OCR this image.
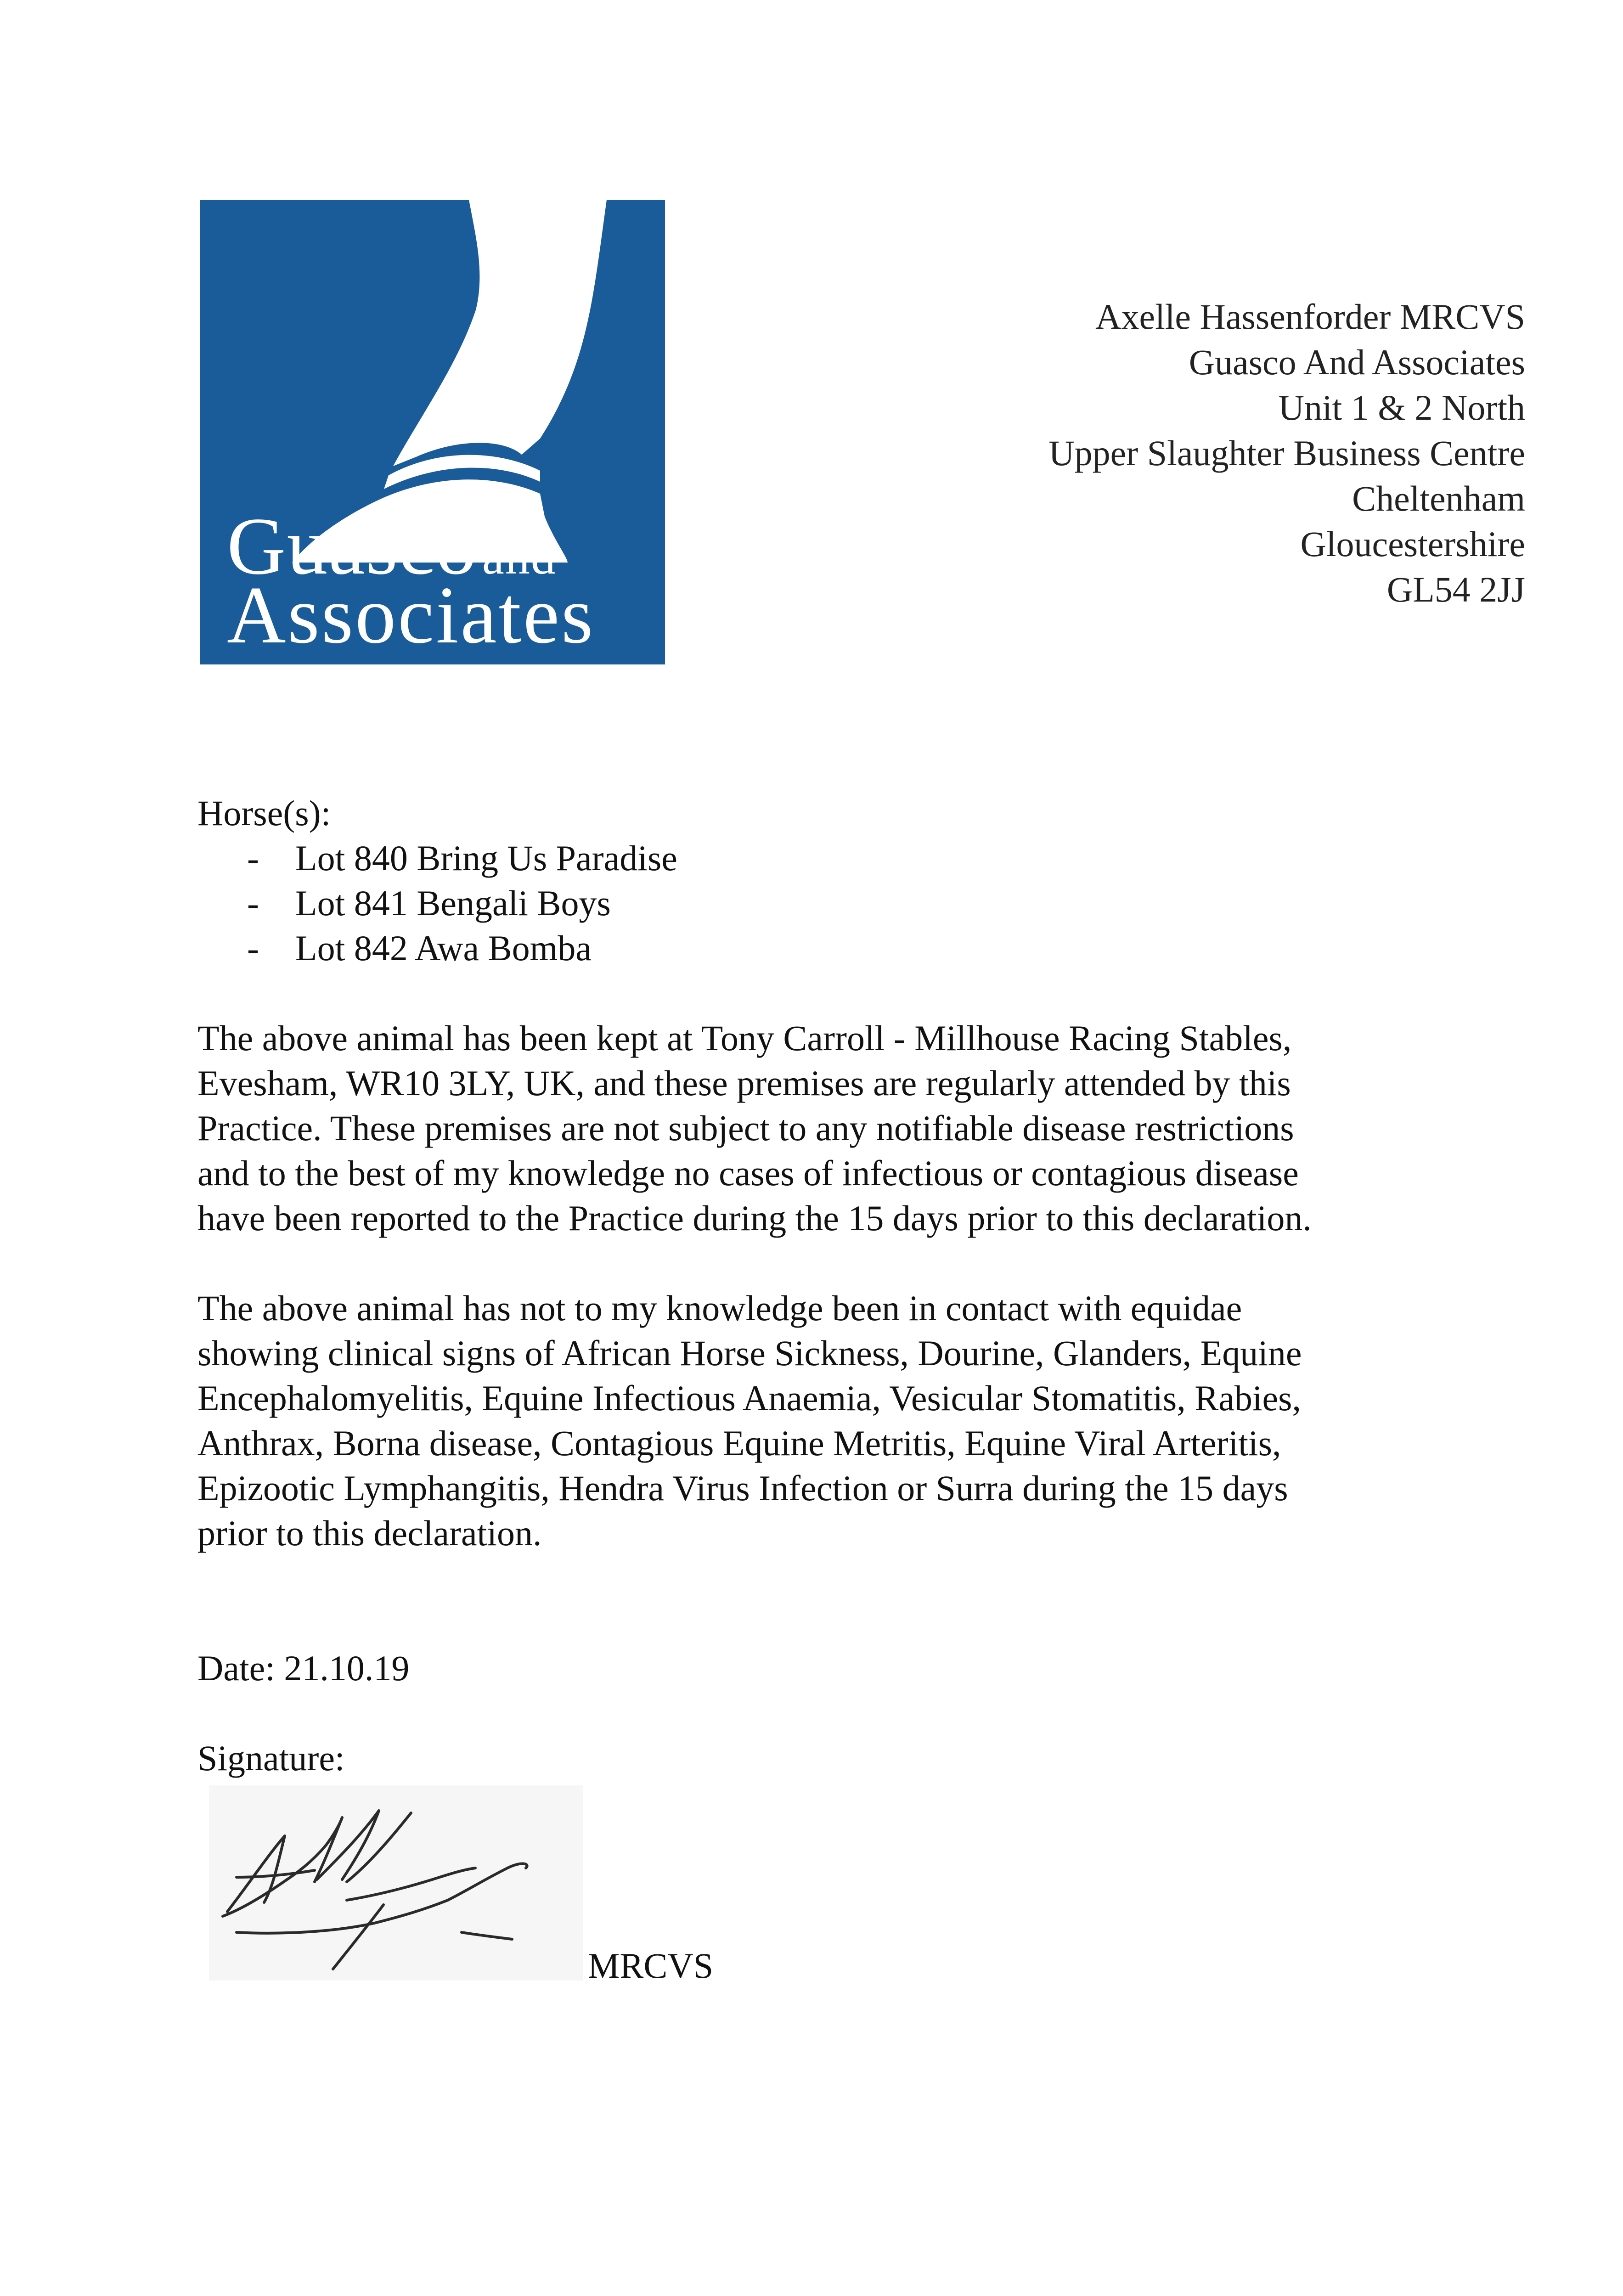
Guascoand
Associates
Axelle Hassenforder MRCVS
Guasco And Associates
Unit 1 & 2 North
Upper Slaughter Business Centre
Cheltenham
Gloucestershire
GL54 2JJ
Horse(s):
- Lot 840 Bring Us Paradise
- Lot 841 Bengali Boys
- Lot 842 Awa Bomba
The above animal has been kept at Tony Carroll - Millhouse Racing Stables,
Evesham, WR10 3LY, UK, and these premises are regularly attended by this
Practice. These premises are not subject to any notifiable disease restrictions
and to the best of my knowledge no cases of infectious or contagious disease
have been reported to the Practice during the 15 days prior to this declaration.
The above animal has not to my knowledge been in contact with equidae
showing clinical signs of African Horse Sickness, Dourine, Glanders, Equine
Encephalomyelitis, Equine Infectious Anaemia, Vesicular Stomatitis, Rabies,
Anthrax, Borna disease, Contagious Equine Metritis, Equine Viral Arteritis,
Epizootic Lymphangitis, Hendra Virus Infection or Surra during the 15 days
prior to this declaration.
Date: 21.10.19
Signature:
MRCVS
